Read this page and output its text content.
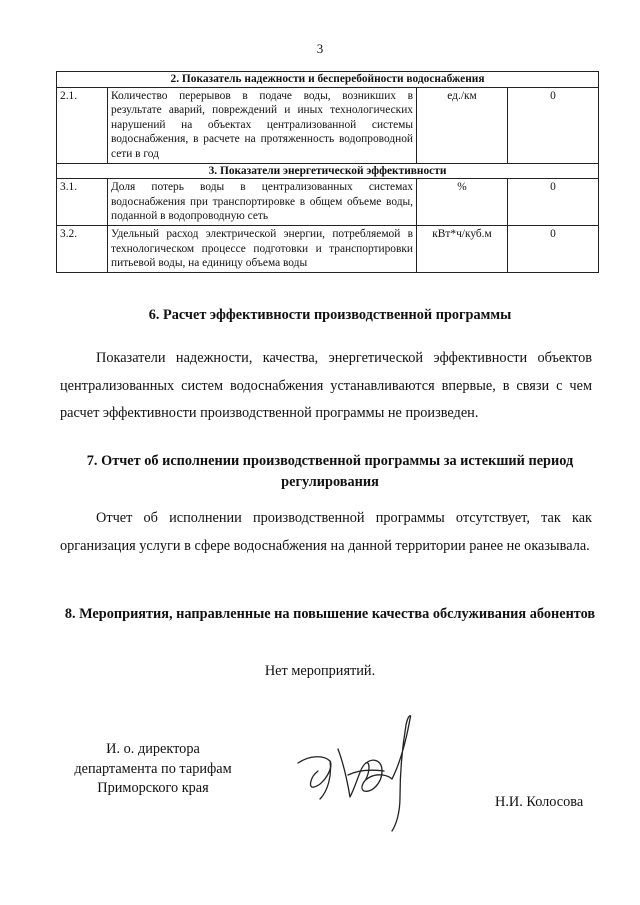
3
2. Показатель надежности и бесперебойности водоснабжения			
2.1.	Количество перерывов в подаче воды, возникших в результате аварий, повреждений и иных технологических нарушений на объектах централизованной системы водоснабжения, в расчете на протяженность водопроводной сети в год	ед./км	0
3. Показатели энергетической эффективности			
3.1.	Доля потерь воды в централизованных системах водоснабжения при транспортировке в общем объеме воды, поданной в водопроводную сеть	%	0
3.2.	Удельный расход электрической энергии, потребляемой в технологическом процессе подготовки и транспортировки питьевой воды, на единицу объема воды	кВт*ч/куб.м	0
6. Расчет эффективности производственной программы
Показатели надежности, качества, энергетической эффективности объектов централизованных систем водоснабжения устанавливаются впервые, в связи с чем расчет эффективности производственной программы не произведен.
7. Отчет об исполнении производственной программы за истекший период регулирования
Отчет об исполнении производственной программы отсутствует, так как организация услуги в сфере водоснабжения на данной территории ранее не оказывала.
8. Мероприятия, направленные на повышение качества обслуживания абонентов
Нет мероприятий.
И. о. директора
департамента по тарифам
Приморского края
Н.И. Колосова
